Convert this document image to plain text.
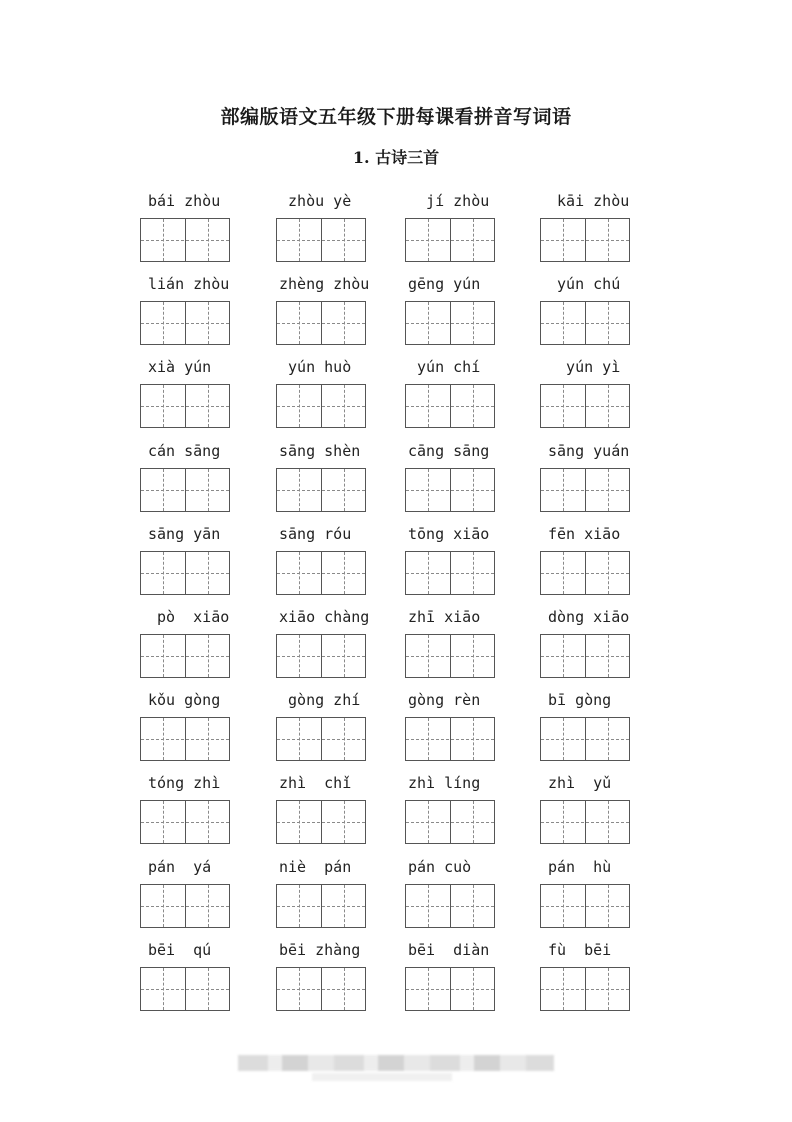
部编版语文五年级下册每课看拼音写词语
1. 古诗三首
bái zhòu	zhòu yè	jí zhòu	kāi zhòu
lián zhòu	zhèng zhòu	gēng yún	yún chú
xià yún	yún huò	yún chí	yún yì
cán sāng	sāng shèn	cāng sāng	sāng yuán
sāng yān	sāng róu	tōng xiāo	fēn xiāo
pò  xiāo	xiāo chàng	zhī xiāo	dòng xiāo
kǒu gòng	gòng zhí	gòng rèn	bī gòng
tóng zhì	zhì  chǐ	zhì líng	zhì  yǔ
pán  yá	niè  pán	pán cuò	pán  hù
bēi  qú	bēi zhàng	bēi  diàn	fù  bēi
